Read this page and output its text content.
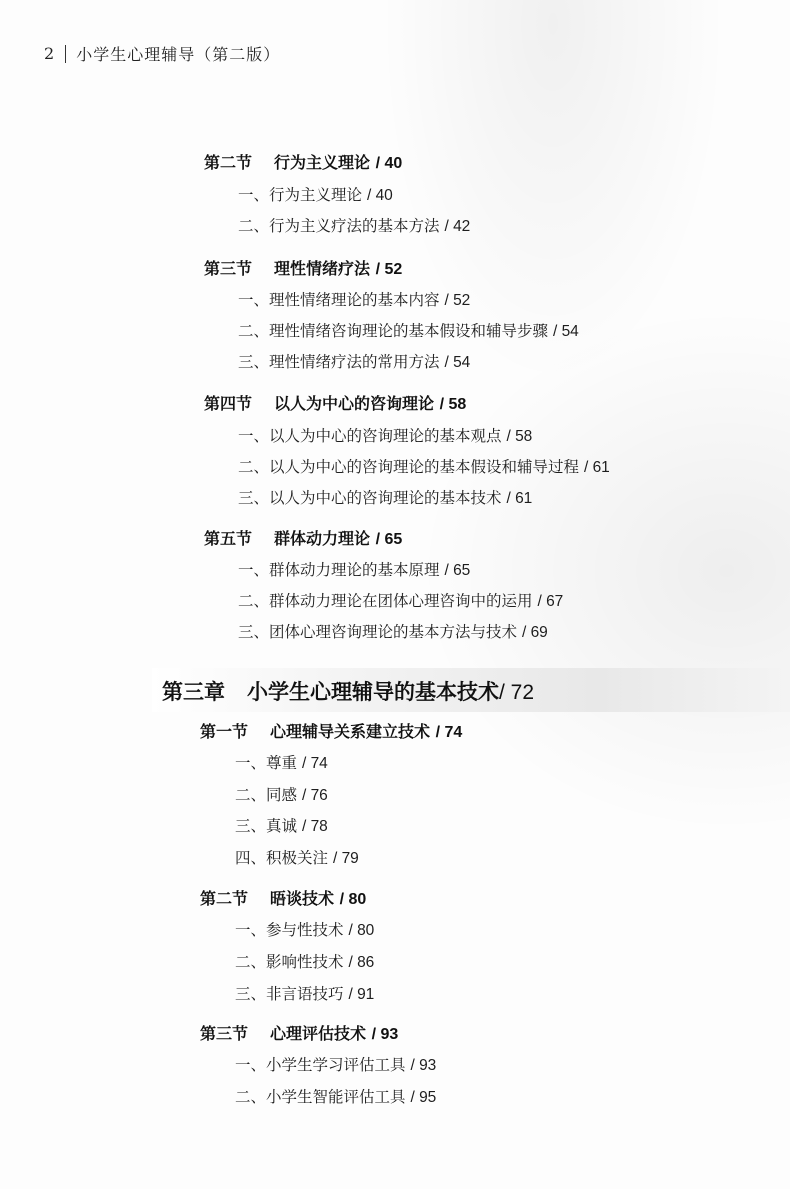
2 小学生心理辅导（第二版）
第二节 行为主义理论 / 40
一、行为主义理论 / 40
二、行为主义疗法的基本方法 / 42
第三节 理性情绪疗法 / 52
一、理性情绪理论的基本内容 / 52
二、理性情绪咨询理论的基本假设和辅导步骤 / 54
三、理性情绪疗法的常用方法 / 54
第四节 以人为中心的咨询理论 / 58
一、以人为中心的咨询理论的基本观点 / 58
二、以人为中心的咨询理论的基本假设和辅导过程 / 61
三、以人为中心的咨询理论的基本技术 / 61
第五节 群体动力理论 / 65
一、群体动力理论的基本原理 / 65
二、群体动力理论在团体心理咨询中的运用 / 67
三、团体心理咨询理论的基本方法与技术 / 69
第三章 小学生心理辅导的基本技术/ 72
第一节 心理辅导关系建立技术 / 74
一、尊重 / 74
二、同感 / 76
三、真诚 / 78
四、积极关注 / 79
第二节 晤谈技术 / 80
一、参与性技术 / 80
二、影响性技术 / 86
三、非言语技巧 / 91
第三节 心理评估技术 / 93
一、小学生学习评估工具 / 93
二、小学生智能评估工具 / 95
